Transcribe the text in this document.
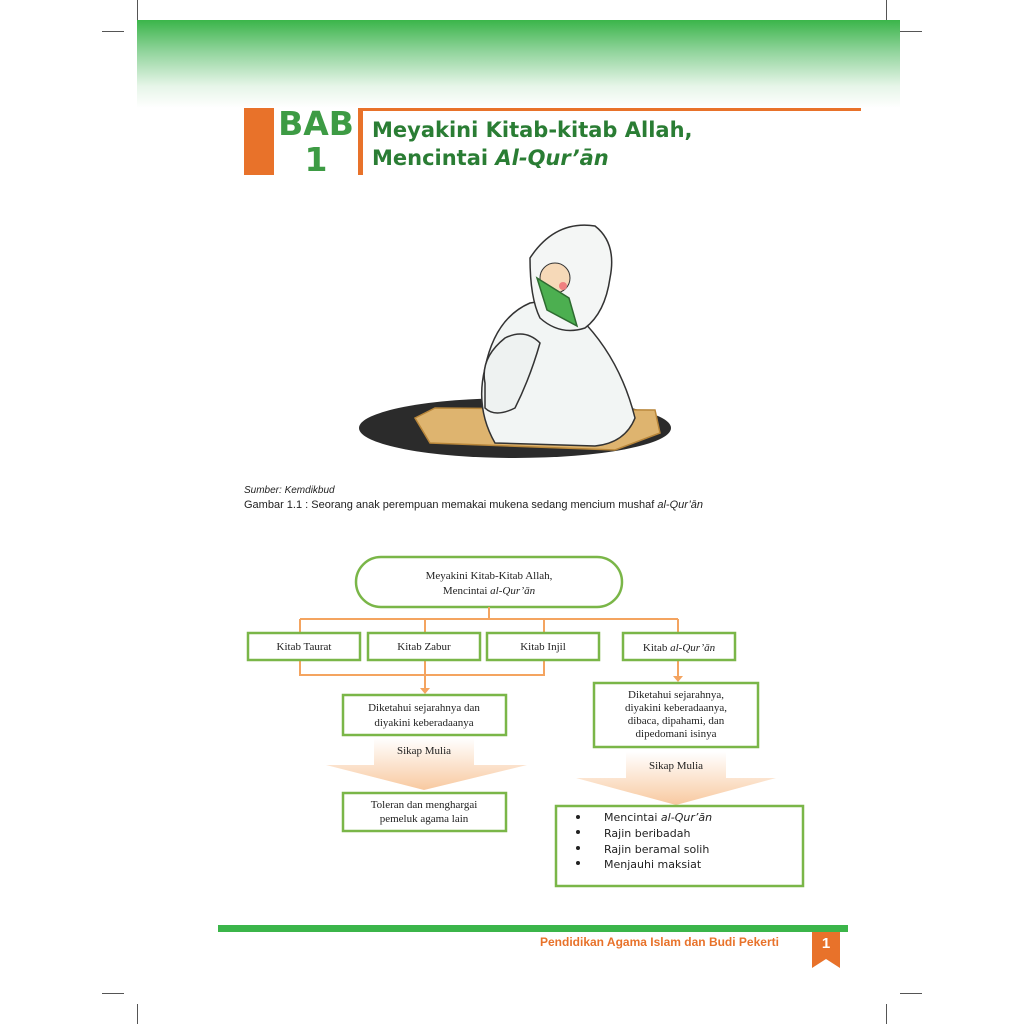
BAB
1
Meyakini Kitab-kitab Allah,
Mencintai Al-Qur’ān
Sumber: Kemdikbud
Gambar 1.1 : Seorang anak perempuan memakai mukena sedang mencium mushaf al-Qur’ān
Meyakini Kitab-Kitab Allah,
Mencintai al-Qur’ān
Kitab Taurat	Kitab Zabur	Kitab Injil	Kitab al-Qur’ān
Diketahui sejarahnya dan
diyakini keberadaanya
Diketahui sejarahnya,
diyakini keberadaanya,
dibaca, dipahami, dan
dipedomani isinya
Sikap Mulia
Sikap Mulia
Toleran dan menghargai
pemeluk agama lain	Mencintai al-Qur’ān
Rajin beribadah
Rajin beramal solih
Menjauhi maksiat
Pendidikan Agama Islam dan Budi Pekerti	1
